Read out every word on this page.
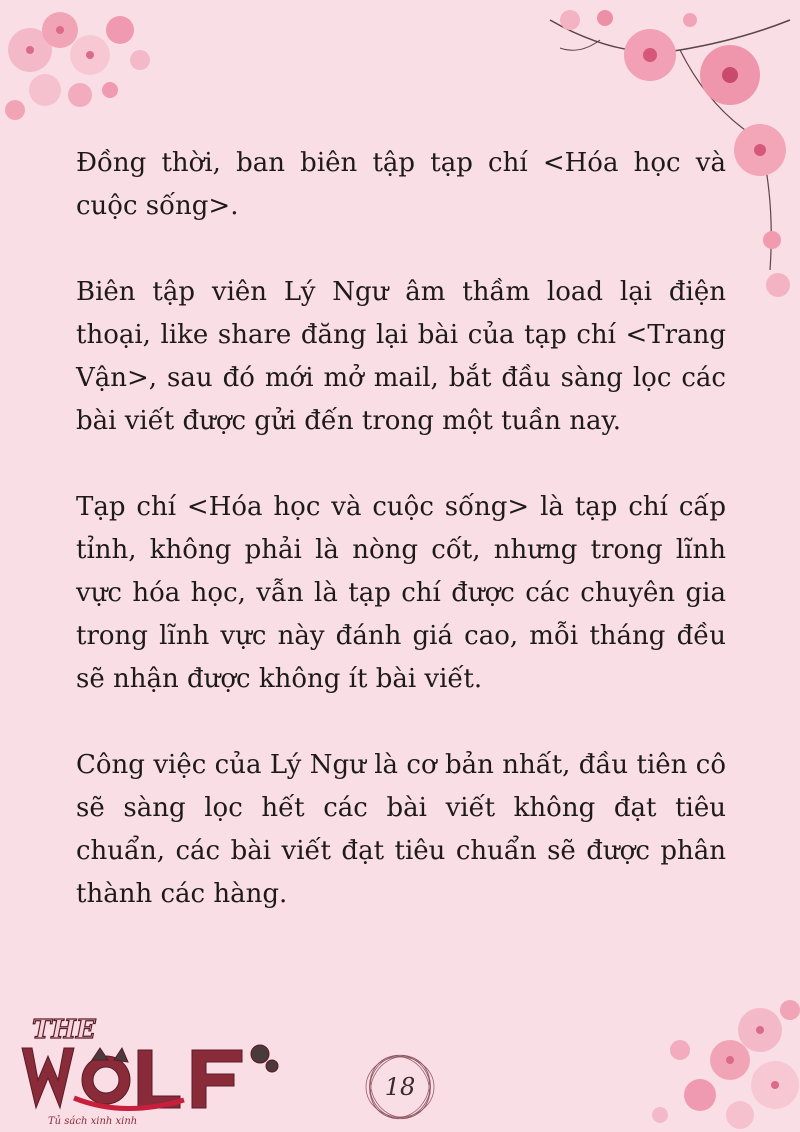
Đồng thời, ban biên tập tạp chí <Hóa học và cuộc sống>.

Biên tập viên Lý Ngư âm thầm load lại điện thoại, like share đăng lại bài của tạp chí <Trang Vận>, sau đó mới mở mail, bắt đầu sàng lọc các bài viết được gửi đến trong một tuần nay.

Tạp chí <Hóa học và cuộc sống> là tạp chí cấp tỉnh, không phải là nòng cốt, nhưng trong lĩnh vực hóa học, vẫn là tạp chí được các chuyên gia trong lĩnh vực này đánh giá cao, mỗi tháng đều sẽ nhận được không ít bài viết.

Công việc của Lý Ngư là cơ bản nhất, đầu tiên cô sẽ sàng lọc hết các bài viết không đạt tiêu chuẩn, các bài viết đạt tiêu chuẩn sẽ được phân thành các hàng.

18
THE
Tủ sách xinh xinh
